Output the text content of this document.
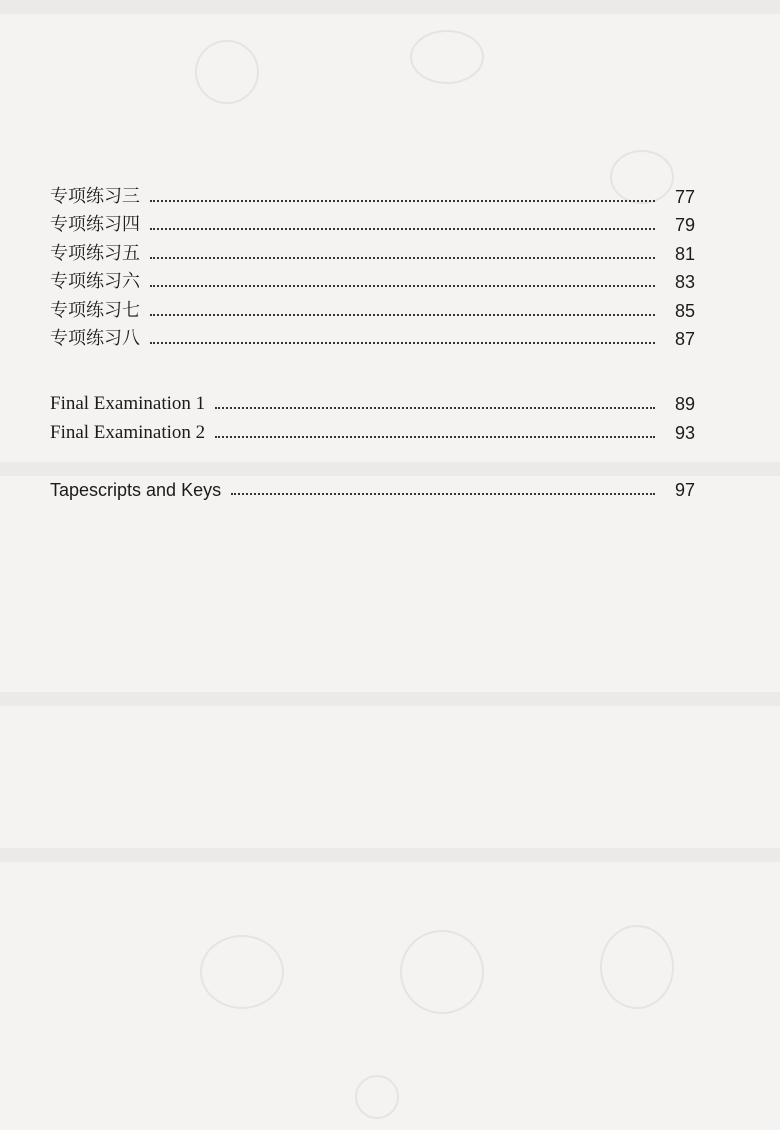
专项练习三	77
专项练习四	79
专项练习五	81
专项练习六	83
专项练习七	85
专项练习八	87
Final Examination 1	89
Final Examination 2	93
Tapescripts and Keys	97
